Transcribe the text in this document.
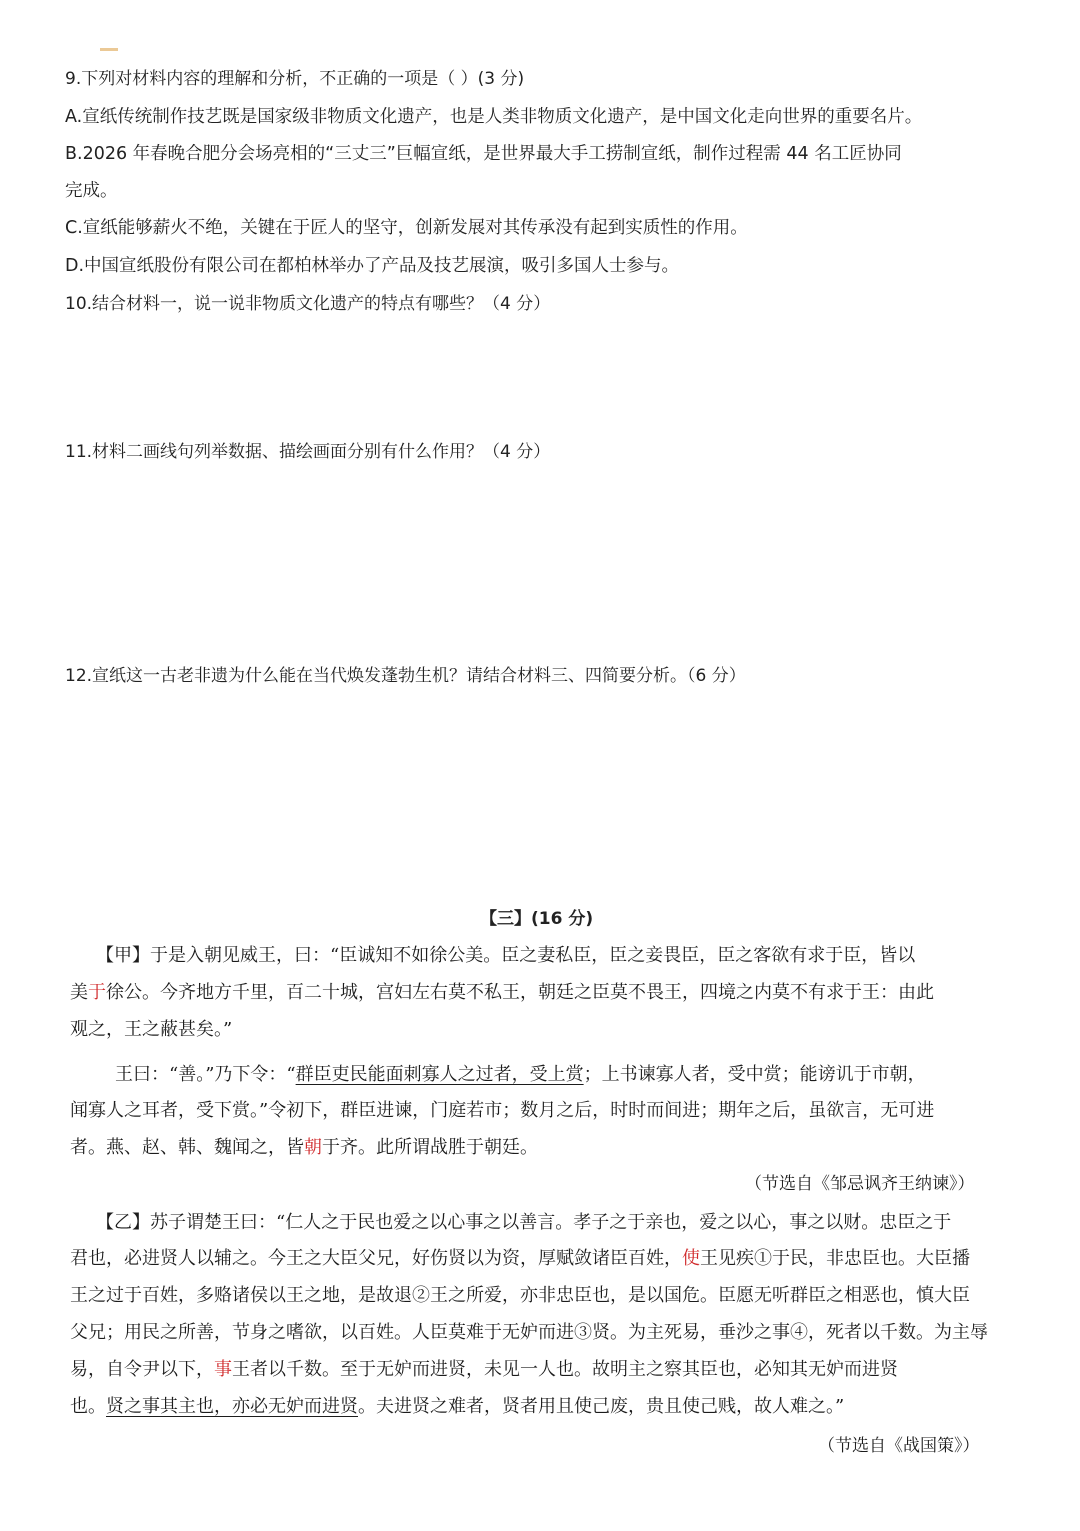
9.下列对材料内容的理解和分析，不正确的一项是（ ）(3 分)
A.宣纸传统制作技艺既是国家级非物质文化遗产，也是人类非物质文化遗产，是中国文化走向世界的重要名片。
B.2026 年春晚合肥分会场亮相的“三丈三”巨幅宣纸，是世界最大手工捞制宣纸，制作过程需 44 名工匠协同
完成。
C.宣纸能够薪火不绝，关键在于匠人的坚守，创新发展对其传承没有起到实质性的作用。
D.中国宣纸股份有限公司在都柏林举办了产品及技艺展演，吸引多国人士参与。
10.结合材料一，说一说非物质文化遗产的特点有哪些？（4 分）
11.材料二画线句列举数据、描绘画面分别有什么作用？（4 分）
12.宣纸这一古老非遗为什么能在当代焕发蓬勃生机？请结合材料三、四简要分析。（6 分）
【三】(16 分)
【甲】于是入朝见威王，曰：“臣诚知不如徐公美。臣之妻私臣，臣之妾畏臣，臣之客欲有求于臣，皆以
美于徐公。今齐地方千里，百二十城，宫妇左右莫不私王，朝廷之臣莫不畏王，四境之内莫不有求于王：由此
观之，王之蔽甚矣。”
王曰：“善。”乃下令：“群臣吏民能面刺寡人之过者，受上赏；上书谏寡人者，受中赏；能谤讥于市朝，
闻寡人之耳者，受下赏。”令初下，群臣进谏，门庭若市；数月之后，时时而间进；期年之后，虽欲言，无可进
者。燕、赵、韩、魏闻之，皆朝于齐。此所谓战胜于朝廷。
（节选自《邹忌讽齐王纳谏》）
【乙】苏子谓楚王曰：“仁人之于民也爱之以心事之以善言。孝子之于亲也，爱之以心，事之以财。忠臣之于
君也，必进贤人以辅之。今王之大臣父兄，好伤贤以为资，厚赋敛诸臣百姓，使王见疾①于民，非忠臣也。大臣播
王之过于百姓，多赂诸侯以王之地，是故退②王之所爱，亦非忠臣也，是以国危。臣愿无听群臣之相恶也，慎大臣
父兄；用民之所善，节身之嗜欲，以百姓。人臣莫难于无妒而进③贤。为主死易，垂沙之事④，死者以千数。为主辱
易，自令尹以下，事王者以千数。至于无妒而进贤，未见一人也。故明主之察其臣也，必知其无妒而进贤
也。贤之事其主也，亦必无妒而进贤。夫进贤之难者，贤者用且使己废，贵且使己贱，故人难之。”
（节选自《战国策》）
